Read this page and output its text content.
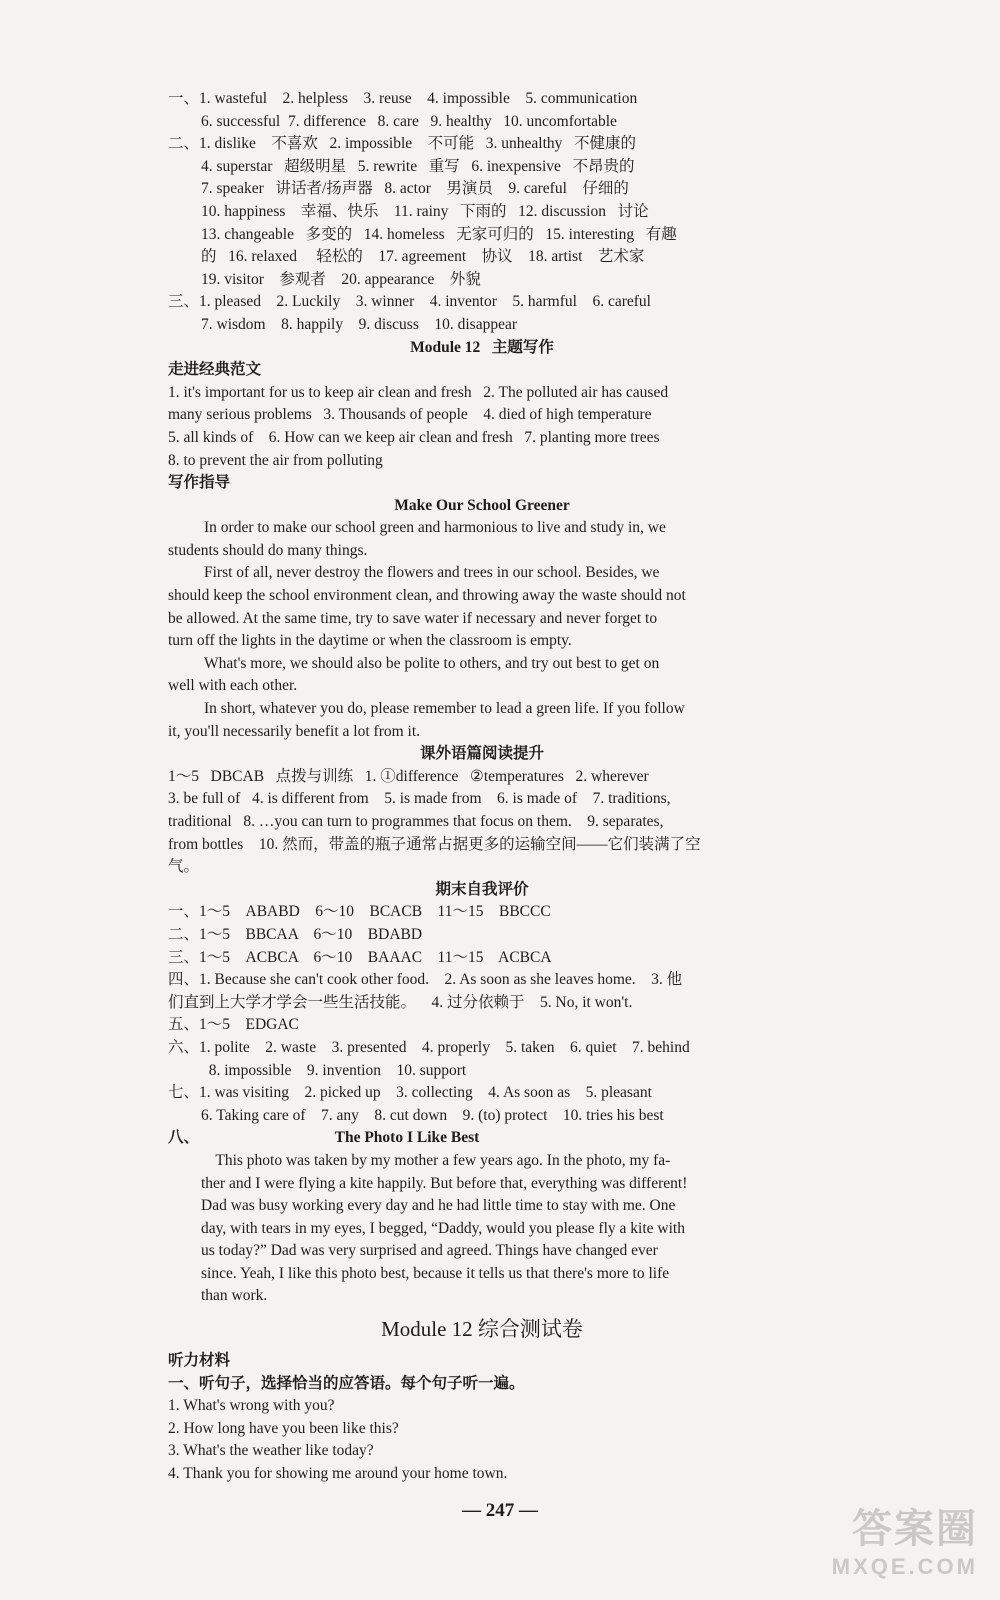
一、1. wasteful    2. helpless    3. reuse    4. impossible    5. communication
6. successful  7. difference   8. care   9. healthy   10. uncomfortable
二、1. dislike    不喜欢   2. impossible    不可能   3. unhealthy   不健康的
4. superstar   超级明星   5. rewrite   重写   6. inexpensive   不昂贵的
7. speaker   讲话者/扬声器   8. actor    男演员    9. careful    仔细的
10. happiness    幸福、快乐    11. rainy   下雨的   12. discussion   讨论
13. changeable   多变的   14. homeless   无家可归的   15. interesting   有趣
的   16. relaxed     轻松的    17. agreement    协议    18. artist    艺术家
19. visitor    参观者    20. appearance    外貌
三、1. pleased    2. Luckily    3. winner    4. inventor    5. harmful    6. careful
7. wisdom    8. happily    9. discuss    10. disappear
Module 12   主题写作
走进经典范文
1. it's important for us to keep air clean and fresh   2. The polluted air has caused
many serious problems   3. Thousands of people    4. died of high temperature
5. all kinds of    6. How can we keep air clean and fresh   7. planting more trees
8. to prevent the air from polluting
写作指导
Make Our School Greener
In order to make our school green and harmonious to live and study in, we
students should do many things.
First of all, never destroy the flowers and trees in our school. Besides, we
should keep the school environment clean, and throwing away the waste should not
be allowed. At the same time, try to save water if necessary and never forget to
turn off the lights in the daytime or when the classroom is empty.
What's more, we should also be polite to others, and try out best to get on
well with each other.
In short, whatever you do, please remember to lead a green life. If you follow
it, you'll necessarily benefit a lot from it.
课外语篇阅读提升
1～5   DBCAB   点拨与训练   1. ①difference   ②temperatures   2. wherever
3. be full of   4. is different from    5. is made from    6. is made of    7. traditions,
traditional   8. …you can turn to programmes that focus on them.    9. separates,
from bottles    10. 然而，带盖的瓶子通常占据更多的运输空间——它们装满了空
气。
期末自我评价
一、1～5    ABABD    6～10    BCACB    11～15    BBCCC
二、1～5    BBCAA    6～10    BDABD
三、1～5    ACBCA    6～10    BAAAC    11～15    ACBCA
四、1. Because she can't cook other food.    2. As soon as she leaves home.    3. 他
们直到上大学才学会一些生活技能。    4. 过分依赖于    5. No, it won't.
五、1～5    EDGAC
六、1. polite    2. waste    3. presented    4. properly    5. taken    6. quiet    7. behind
8. impossible    9. invention    10. support
七、1. was visiting    2. picked up    3. collecting    4. As soon as    5. pleasant
6. Taking care of    7. any    8. cut down    9. (to) protect    10. tries his best
八、                                   The Photo I Like Best
This photo was taken by my mother a few years ago. In the photo, my fa-
ther and I were flying a kite happily. But before that, everything was different!
Dad was busy working every day and he had little time to stay with me. One
day, with tears in my eyes, I begged, “Daddy, would you please fly a kite with
us today?” Dad was very surprised and agreed. Things have changed ever
since. Yeah, I like this photo best, because it tells us that there's more to life
than work.
Module 12 综合测试卷
听力材料
一、听句子，选择恰当的应答语。每个句子听一遍。
1. What's wrong with you?
2. How long have you been like this?
3. What's the weather like today?
4. Thank you for showing me around your home town.
— 247 —	答案圈
MXQE.COM
